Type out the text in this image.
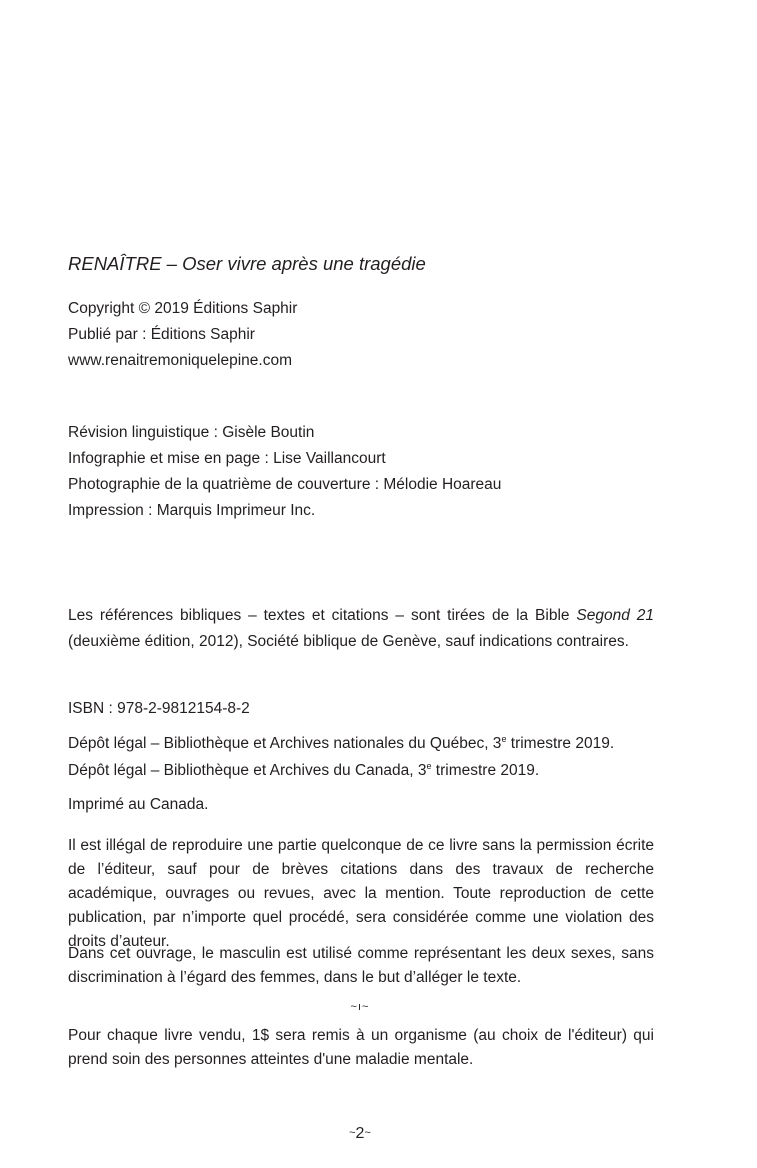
RENAÎTRE – Oser vivre après une tragédie

Copyright © 2019 Éditions Saphir

Publié par : Éditions Saphir

www.renaitremoniquelepine.com

Révision linguistique : Gisèle Boutin

Infographie et mise en page : Lise Vaillancourt

Photographie de la quatrième de couverture : Mélodie Hoareau

Impression : Marquis Imprimeur Inc.

Les références bibliques – textes et citations – sont tirées de la Bible Segond 21 (deuxième édition, 2012), Société biblique de Genève, sauf indications contraires.

ISBN : 978-2-9812154-8-2

Dépôt légal – Bibliothèque et Archives nationales du Québec, 3e trimestre 2019.

Dépôt légal – Bibliothèque et Archives du Canada, 3e trimestre 2019.

Imprimé au Canada.

Il est illégal de reproduire une partie quelconque de ce livre sans la permission écrite de l’éditeur, sauf pour de brèves citations dans des travaux de recherche académique, ouvrages ou revues, avec la mention. Toute reproduction de cette publication, par n’importe quel procédé, sera considérée comme une violation des droits d’auteur.

Dans cet ouvrage, le masculin est utilisé comme représentant les deux sexes, sans discrimination à l’égard des femmes, dans le but d’alléger le texte.

~ı~

Pour chaque livre vendu, 1$ sera remis à un organisme (au choix de l'éditeur) qui prend soin des personnes atteintes d'une maladie mentale.

~2~
